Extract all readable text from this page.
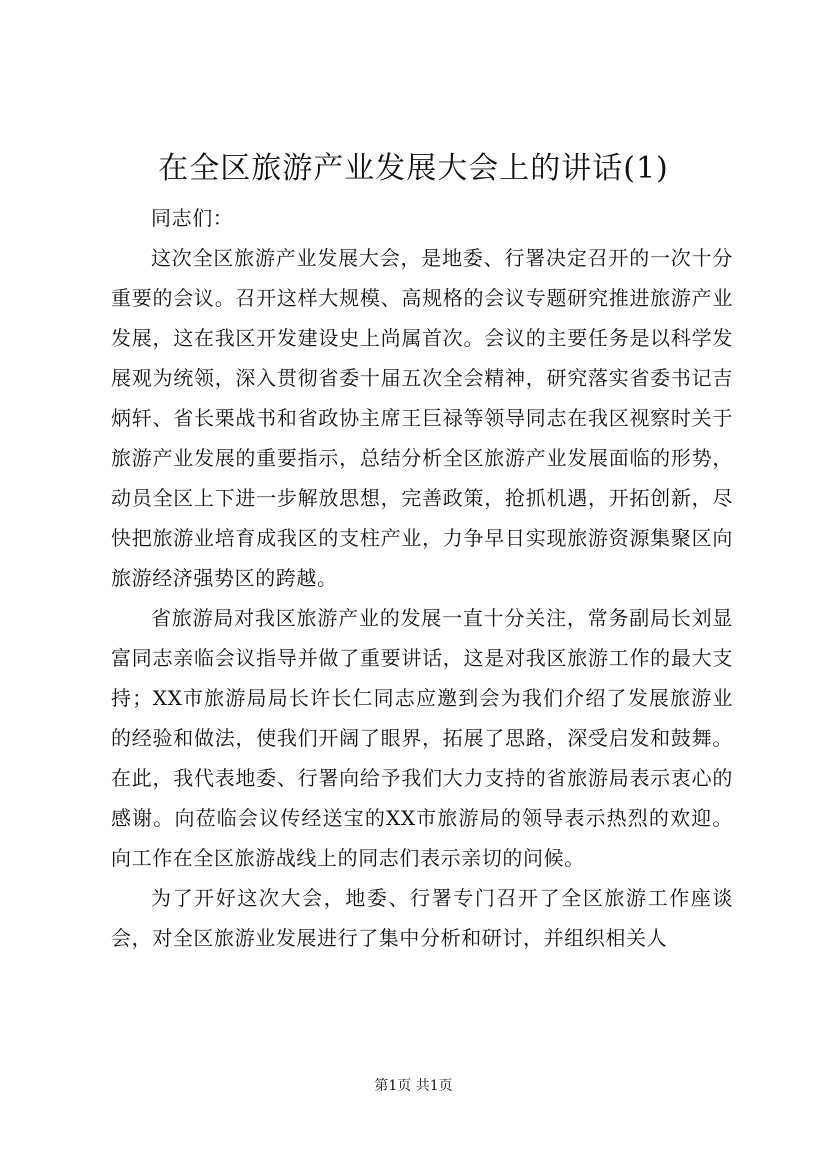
在全区旅游产业发展大会上的讲话(1)

同志们：

这次全区旅游产业发展大会，是地委、行署决定召开的一次十分重要的会议。召开这样大规模、高规格的会议专题研究推进旅游产业发展，这在我区开发建设史上尚属首次。会议的主要任务是以科学发展观为统领，深入贯彻省委十届五次全会精神，研究落实省委书记吉炳轩、省长栗战书和省政协主席王巨禄等领导同志在我区视察时关于旅游产业发展的重要指示，总结分析全区旅游产业发展面临的形势，动员全区上下进一步解放思想，完善政策，抢抓机遇，开拓创新，尽快把旅游业培育成我区的支柱产业，力争早日实现旅游资源集聚区向旅游经济强势区的跨越。

省旅游局对我区旅游产业的发展一直十分关注，常务副局长刘显富同志亲临会议指导并做了重要讲话，这是对我区旅游工作的最大支持；XX市旅游局局长许长仁同志应邀到会为我们介绍了发展旅游业的经验和做法，使我们开阔了眼界，拓展了思路，深受启发和鼓舞。在此，我代表地委、行署向给予我们大力支持的省旅游局表示衷心的感谢。向莅临会议传经送宝的XX市旅游局的领导表示热烈的欢迎。向工作在全区旅游战线上的同志们表示亲切的问候。

为了开好这次大会，地委、行署专门召开了全区旅游工作座谈会，对全区旅游业发展进行了集中分析和研讨，并组织相关人

第1页 共1页
